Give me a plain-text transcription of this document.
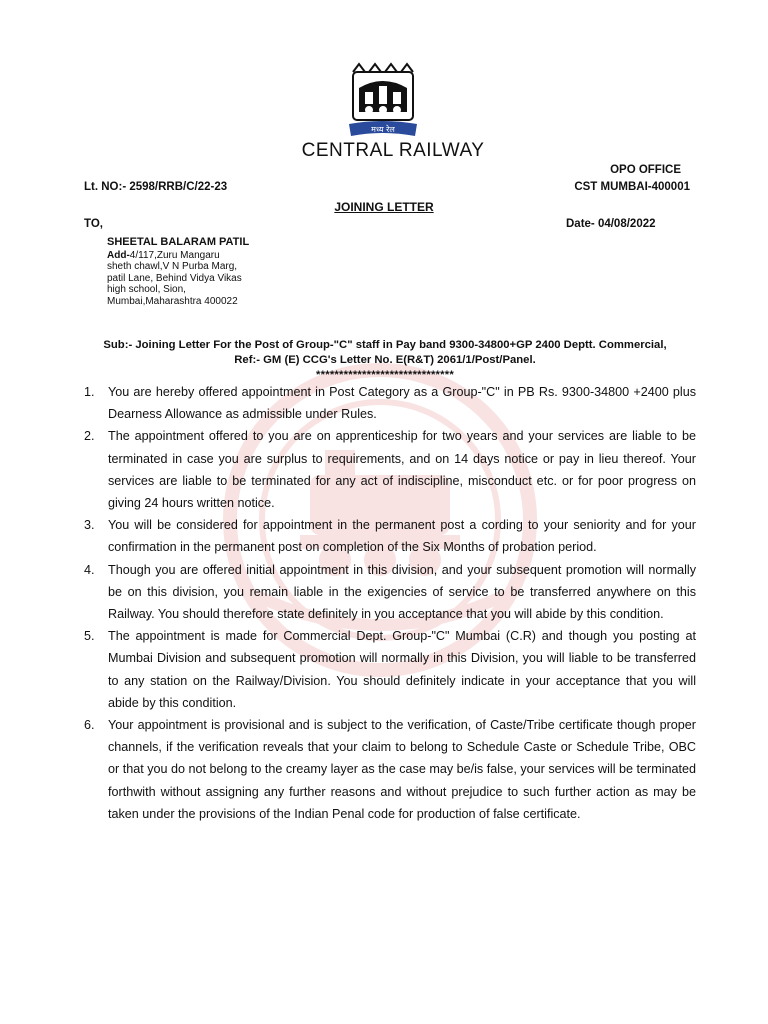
मध्य रेल
CENTRAL RAILWAY
OPO OFFICE
CST MUMBAI-400001
Lt. NO:- 2598/RRB/C/22-23
JOINING LETTER
TO,	Date- 04/08/2022
SHEETAL BALARAM PATIL
Add-4/117,Zuru Mangaru
sheth chawl,V N Purba Marg,
patil Lane, Behind Vidya Vikas
high school, Sion,
Mumbai,Maharashtra 400022
Sub:- Joining Letter For the Post of Group-"C" staff in Pay band 9300-34800+GP 2400 Deptt. Commercial,
Ref:- GM (E) CCG's Letter No. E(R&T) 2061/1/Post/Panel.
******************************
1. You are hereby offered appointment in Post Category as a Group-"C" in PB Rs. 9300-34800 +2400 plus Dearness Allowance as admissible under Rules.
2. The appointment offered to you are on apprenticeship for two years and your services are liable to be terminated in case you are surplus to requirements, and on 14 days notice or pay in lieu thereof. Your services are liable to be terminated for any act of indiscipline, misconduct etc. or for poor progress on giving 24 hours written notice.
3. You will be considered for appointment in the permanent post a cording to your seniority and for your confirmation in the permanent post on completion of the Six Months of probation period.
4. Though you are offered initial appointment in this division, and your subsequent promotion will normally be on this division, you remain liable in the exigencies of service to be transferred anywhere on this Railway. You should therefore state definitely in you acceptance that you will abide by this condition.
5. The appointment is made for Commercial Dept. Group-"C" Mumbai (C.R) and though you posting at Mumbai Division and subsequent promotion will normally in this Division, you will liable to be transferred to any station on the Railway/Division. You should definitely indicate in your acceptance that you will abide by this condition.
6. Your appointment is provisional and is subject to the verification, of Caste/Tribe certificate though proper channels, if the verification reveals that your claim to belong to Schedule Caste or Schedule Tribe, OBC or that you do not belong to the creamy layer as the case may be/is false, your services will be terminated forthwith without assigning any further reasons and without prejudice to such further action as may be taken under the provisions of the Indian Penal code for production of false certificate.
